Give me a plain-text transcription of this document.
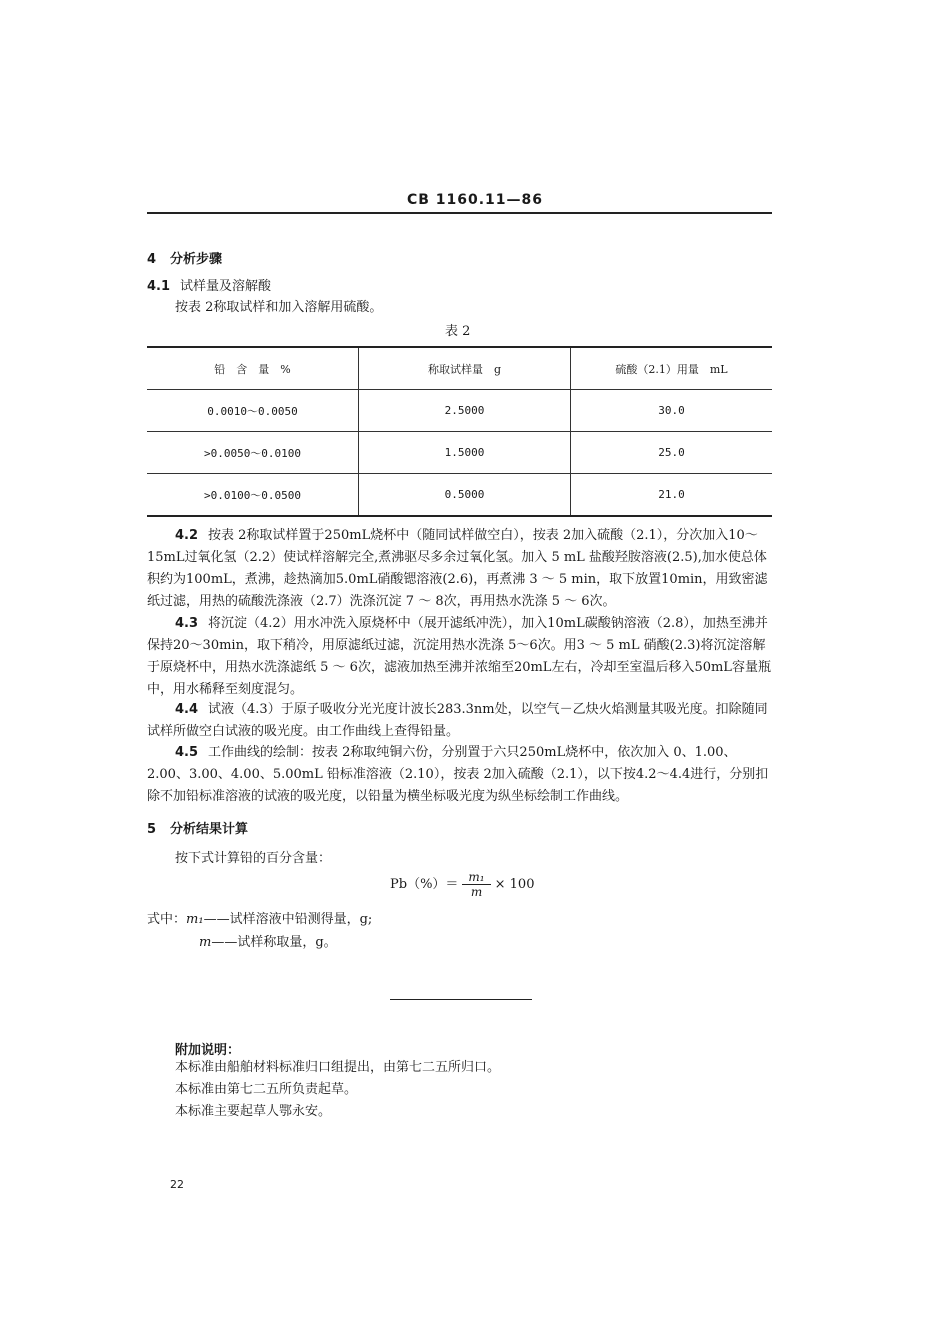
CB 1160.11—86
4 分析步骤
4.1 试样量及溶解酸
按表 2称取试样和加入溶解用硫酸。
表 2
铅　含　量　%	称取试样量　g	硫酸（2.1）用量　mL
0.0010～0.0050	2.5000	30.0
>0.0050～0.0100	1.5000	25.0
>0.0100～0.0500	0.5000	21.0
4.2 按表 2称取试样置于250mL烧杯中（随同试样做空白），按表 2加入硫酸（2.1），分次加入10～15mL过氧化氢（2.2）使试样溶解完全,煮沸驱尽多余过氧化氢。加入 5 mL 盐酸羟胺溶液(2.5),加水使总体积约为100mL，煮沸，趁热滴加5.0mL硝酸锶溶液(2.6)，再煮沸 3 ～ 5 min，取下放置10min，用致密滤纸过滤，用热的硫酸洗涤液（2.7）洗涤沉淀 7 ～ 8次，再用热水洗涤 5 ～ 6次。
4.3 将沉淀（4.2）用水冲洗入原烧杯中（展开滤纸冲洗），加入10mL碳酸钠溶液（2.8），加热至沸并保持20～30min，取下稍冷，用原滤纸过滤，沉淀用热水洗涤 5～6次。用3 ～ 5 mL 硝酸(2.3)将沉淀溶解于原烧杯中，用热水洗涤滤纸 5 ～ 6次，滤液加热至沸并浓缩至20mL左右，冷却至室温后移入50mL容量瓶中，用水稀释至刻度混匀。
4.4 试液（4.3）于原子吸收分光光度计波长283.3nm处，以空气－乙炔火焰测量其吸光度。扣除随同试样所做空白试液的吸光度。由工作曲线上查得铅量。
4.5 工作曲线的绘制：按表 2称取纯铜六份，分别置于六只250mL烧杯中，依次加入 0、1.00、2.00、3.00、4.00、5.00mL 铅标准溶液（2.10），按表 2加入硫酸（2.1），以下按4.2～4.4进行，分别扣除不加铅标准溶液的试液的吸光度，以铅量为横坐标吸光度为纵坐标绘制工作曲线。
5 分析结果计算
按下式计算铅的百分含量：
$Pb(\%)= \frac{\text{m₁}}{m} \times 100$
式中：m₁——试样溶液中铅测得量，g;
m——试样称取量，g。
附加说明：
本标准由船舶材料标准归口组提出，由第七二五所归口。
本标准由第七二五所负责起草。
本标准主要起草人鄂永安。
22
